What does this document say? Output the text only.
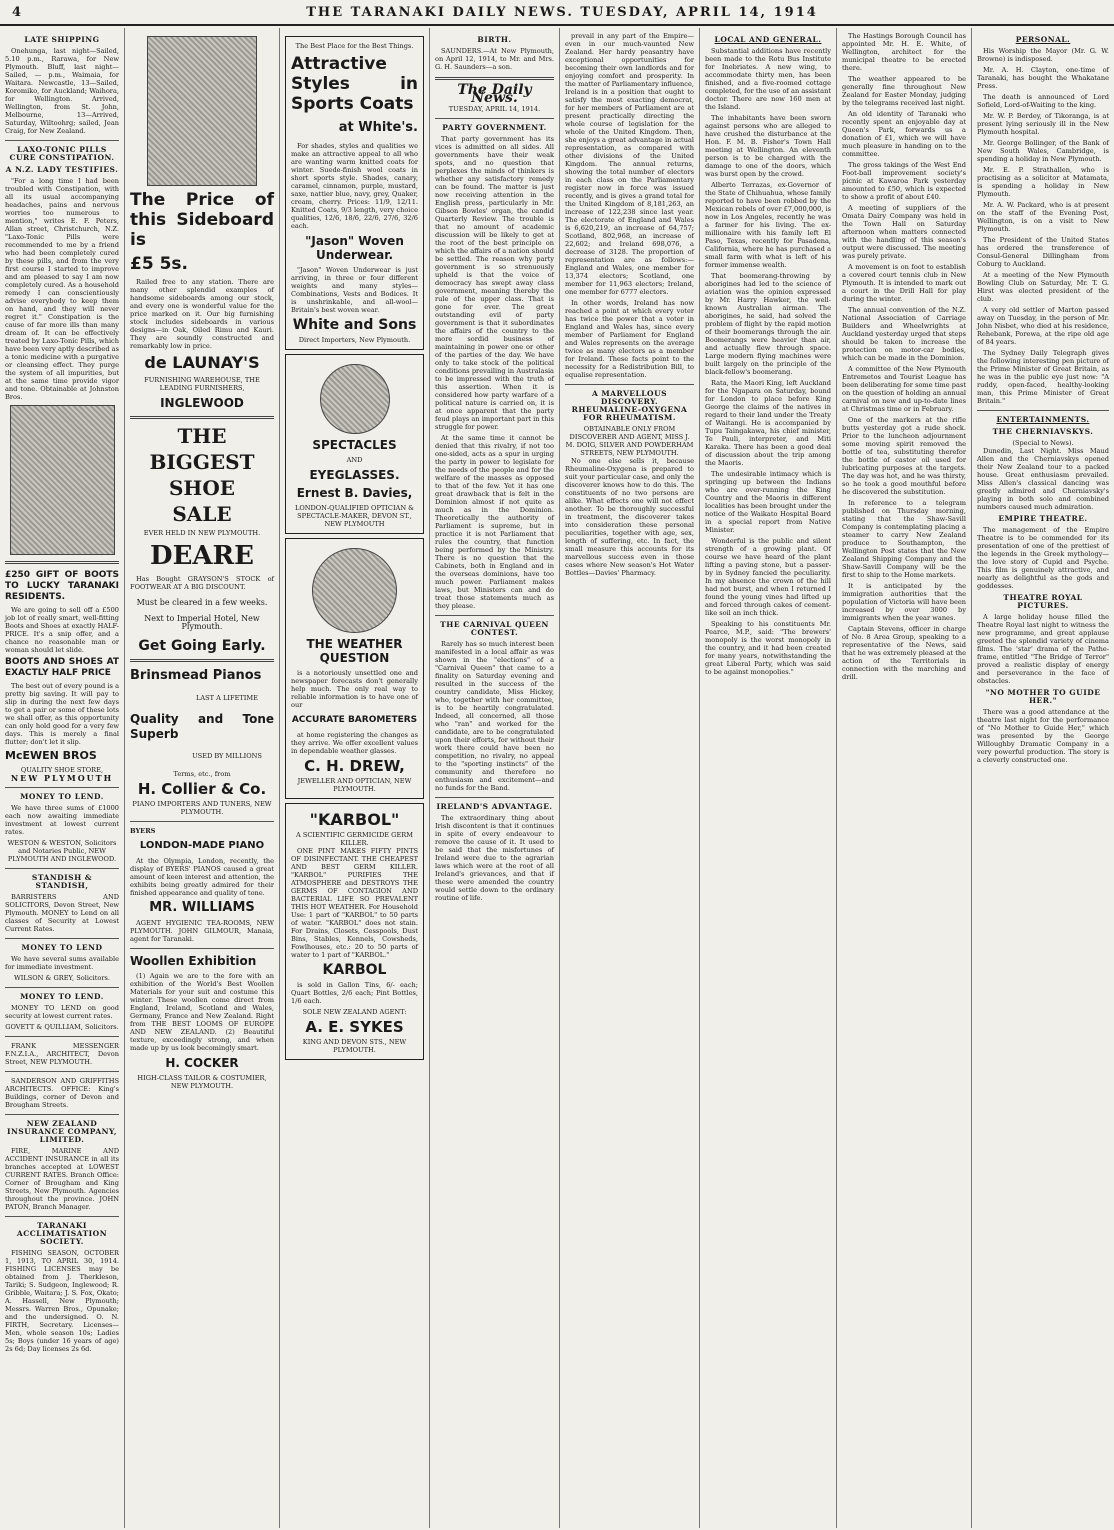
4	THE TARANAKI DAILY NEWS. TUESDAY, APRIL 14, 1914
LATE SHIPPING

Onehunga, last night—Sailed, 5.10 p.m., Rarawa, for New Plymouth. Bluff, last night—Sailed, — p.m., Waimaia, for Waitara. Newcastle, 13—Sailed, Koromiko, for Auckland; Waihora, for Wellington. Arrived, Wellington, from St. John, Melbourne, 13—Arrived, Saturday, Wiltoohrg; sailed, Jean Craig, for New Zealand.

LAXO-TONIC PILLS CURE CONSTIPATION.
A N.Z. LADY TESTIFIES.

"For a long time I had been troubled with Constipation, with all its usual accompanying headaches, pains and nervous worries too numerous to mention," writes E. F. Peters, Allan street, Christchurch, N.Z. "Laxo-Tonic Pills were recommended to me by a friend who had been completely cured by these pills, and from the very first course I started to improve and am pleased to say I am now completely cured. As a household remedy I can conscientiously advise everybody to keep them on hand, and they will never regret it." Constipation is the cause of far more ills than many dream of. It can be effectively treated by Laxo-Tonic Pills, which have been very aptly described as a tonic medicine with a purgative or cleansing effect. They purge the system of all impurities, but at the same time provide vigor and tone. Obtainable at Johnston Bros.

£250 GIFT OF BOOTS TO LUCKY TARANAKI RESIDENTS.

We are going to sell off a £500 job lot of really smart, well-fitting Boots and Shoes at exactly HALF-PRICE. It's a snip offer, and a chance no reasonable man or woman should let slide.

BOOTS AND SHOES AT EXACTLY HALF PRICE

The best out of every pound is a pretty big saving. It will pay to slip in during the next few days to get a pair or some of these lots we shall offer, as this opportunity can only hold good for a very few days. This is merely a final flutter; don't let it slip.

McEWEN BROS
QUALITY SHOE STORE,
NEW PLYMOUTH
MONEY TO LEND.

We have three sums of £1000 each now awaiting immediate investment at lowest current rates.

WESTON & WESTON, Solicitors and Notaries Public, NEW PLYMOUTH AND INGLEWOOD.
STANDISH & STANDISH,

BARRISTERS AND SOLICITORS, Devon Street, New Plymouth. MONEY to Lend on all classes of Security at Lowest Current Rates.

MONEY TO LEND

We have several sums available for immediate investment.

WILSON & GREY, Solicitors.
MONEY TO LEND.

MONEY TO LEND on good security at lowest current rates.

GOVETT & QUILLIAM, Solicitors.

FRANK MESSENGER F.N.Z.I.A., ARCHITECT, Devon Street, NEW PLYMOUTH.

SANDERSON AND GRIFFITHS ARCHITECTS. OFFICE: King's Buildings, corner of Devon and Brougham Streets.

NEW ZEALAND INSURANCE COMPANY, LIMITED.

FIRE, MARINE AND ACCIDENT INSURANCE in all its branches accepted at LOWEST CURRENT RATES. Branch Office: Corner of Brougham and King Streets, New Plymouth. Agencies throughout the province. JOHN PATON, Branch Manager.

TARANAKI ACCLIMATISATION SOCIETY.

FISHING SEASON, OCTOBER 1, 1913, TO APRIL 30, 1914. FISHING LICENSES may be obtained from J. Therkleson, Tariki; S. Sudgeon, Inglewood; R. Gribble, Waitara; J. S. Fox, Okato; A. Hassell, New Plymouth; Messrs. Warren Bros., Opunake; and the undersigned. O. N. FIRTH, Secretary. Licenses—Men, whole season 10s; Ladies 5s; Boys (under 16 years of age) 2s 6d; Day licenses 2s 6d.

The Price of this Sideboard is
£5 5s.

Railed free to any station. There are many other splendid examples of handsome sideboards among our stock, and every one is wonderful value for the price marked on it. Our big furnishing stock includes sideboards in various designs—in Oak, Oiled Rimu and Kauri. They are soundly constructed and remarkably low in price.

de LAUNAY'S
FURNISHING WAREHOUSE, THE LEADING FURNISHERS,
INGLEWOOD
THE
BIGGEST
SHOE
SALE
EVER HELD IN NEW PLYMOUTH.
DEARE

Has Bought GRAYSON'S STOCK of FOOTWEAR AT A BIG DISCOUNT.

Must be cleared in a few weeks.
Next to Imperial Hotel, New Plymouth.
Get Going Early.
Brinsmead Pianos
LAST A LIFETIME
Quality and Tone Superb
USED BY MILLIONS
Terms, etc., from
H. Collier & Co.
PIANO IMPORTERS AND TUNERS, NEW PLYMOUTH.
BYERS
LONDON-MADE PIANO

At the Olympia, London, recently, the display of BYERS' PIANOS caused a great amount of keen interest and attention, the exhibits being greatly admired for their finished appearance and quality of tone.

MR. WILLIAMS

AGENT HYGIENIC TEA-ROOMS, NEW PLYMOUTH. JOHN GILMOUR, Manaia, agent for Taranaki.

Woollen Exhibition

(1) Again we are to the fore with an exhibition of the World's Best Woollen Materials for your suit and costume this winter. These woollen come direct from England, Ireland, Scotland and Wales, Germany, France and New Zealand. Right from THE BEST LOOMS OF EUROPE AND NEW ZEALAND. (2) Beautiful texture, exceedingly strong, and when made up by us look becomingly smart.

H. COCKER
HIGH-CLASS TAILOR & COSTUMIER, NEW PLYMOUTH.
The Best Place for the Best Things.
Attractive Styles in Sports Coats
at White's.

For shades, styles and qualities we make an attractive appeal to all who are wanting warm knitted coats for winter. Suede-finish wool coats in short sports style. Shades, canary, caramel, cinnamon, purple, mustard, saxe, nattier blue, navy, grey, Quaker, cream, cherry. Prices: 11/9, 12/11. Knitted Coats, 9/3 length, very choice qualities, 12/6, 18/6, 22/6, 27/6, 32/6 each.

"Jason" Woven Underwear.

"Jason" Woven Underwear is just arriving, in three or four different weights and many styles—Combinations, Vests and Bodices. It is unshrinkable, and all-wool—Britain's best woven wear.

White and Sons
Direct Importers, New Plymouth.
SPECTACLES
AND
EYEGLASSES.
Ernest B. Davies,
LONDON-QUALIFIED OPTICIAN & SPECTACLE-MAKER, DEVON ST., NEW PLYMOUTH
THE WEATHER QUESTION

is a notoriously unsettled one and newspaper forecasts don't generally help much. The only real way to reliable information is to have one of our

ACCURATE BAROMETERS

at home registering the changes as they arrive. We offer excellent values in dependable weather glasses.

C. H. DREW,
JEWELLER AND OPTICIAN, NEW PLYMOUTH.
"KARBOL"
A SCIENTIFIC GERMICIDE GERM KILLER.

ONE PINT MAKES FIFTY PINTS OF DISINFECTANT. THE CHEAPEST AND BEST GERM KILLER. "KARBOL" PURIFIES THE ATMOSPHERE and DESTROYS THE GERMS OF CONTAGION AND BACTERIAL LIFE SO PREVALENT THIS HOT WEATHER. For Household Use: 1 part of "KARBOL" to 50 parts of water. "KARBOL" does not stain. For Drains, Closets, Cesspools, Dust Bins, Stables, Kennels, Cowsheds, Fowlhouses, etc.: 20 to 50 parts of water to 1 part of "KARBOL."

KARBOL

is sold in Gallon Tins, 6/- each; Quart Bottles, 2/6 each; Pint Bottles, 1/6 each.

SOLE NEW ZEALAND AGENT:
A. E. SYKES
KING AND DEVON STS., NEW PLYMOUTH.
BIRTH.

SAUNDERS.—At New Plymouth, on April 12, 1914, to Mr. and Mrs. G. H. Saunders—a son.

The Daily News.
TUESDAY, APRIL 14, 1914.
PARTY GOVERNMENT.

That party government has its vices is admitted on all sides. All governments have their weak spots, and no question that perplexes the minds of thinkers is whether any satisfactory remedy can be found. The matter is just now receiving attention in the English press, particularly in Mr. Gibson Bowles' organ, the candid Quarterly Review. The trouble is that no amount of academic discussion will be likely to get at the root of the best principle on which the affairs of a nation should be settled. The reason why party government is so strenuously upheld is that the voice of democracy has swept away class government, meaning thereby the rule of the upper class. That is gone for ever. The great outstanding evil of party government is that it subordinates the affairs of the country to the more sordid business of maintaining in power one or other of the parties of the day. We have only to take stock of the political conditions prevailing in Australasia to be impressed with the truth of this assertion. When it is considered how party warfare of a political nature is carried on, it is at once apparent that the party feud plays an important part in this struggle for power.

At the same time it cannot be denied that this rivalry, if not too one-sided, acts as a spur in urging the party in power to legislate for the needs of the people and for the welfare of the masses as opposed to that of the few. Yet it has one great drawback that is felt in the Dominion almost if not quite as much as in the Dominion. Theoretically the authority of Parliament is supreme, but in practice it is not Parliament that rules the country, that function being performed by the Ministry. There is no question that the Cabinets, both in England and in the overseas dominions, have too much power. Parliament makes laws, but Ministers can and do treat those statements much as they please.

THE CARNIVAL QUEEN CONTEST.

Rarely has so much interest been manifested in a local affair as was shown in the "elections" of a "Carnival Queen" that came to a finality on Saturday evening and resulted in the success of the country candidate, Miss Hickey, who, together with her committee, is to be heartily congratulated. Indeed, all concerned, all those who "ran" and worked for the candidate, are to be congratulated upon their efforts, for without their work there could have been no competition, no rivalry, no appeal to the "sporting instincts" of the community and therefore no enthusiasm and excitement—and no funds for the Band.

IRELAND'S ADVANTAGE.

The extraordinary thing about Irish discontent is that it continues in spite of every endeavour to remove the cause of it. It used to be said that the misfortunes of Ireland were due to the agrarian laws which were at the root of all Ireland's grievances, and that if these were amended the country would settle down to the ordinary routine of life.

prevail in any part of the Empire—even in our much-vaunted New Zealand. Her hardy peasantry have exceptional opportunities for becoming their own landlords and for enjoying comfort and prosperity. In the matter of Parliamentary influence, Ireland is in a position that ought to satisfy the most exacting democrat, for her members of Parliament are at present practically directing the whole course of legislation for the whole of the United Kingdom. Then, she enjoys a great advantage in actual representation, as compared with other divisions of the United Kingdom. The annual returns, showing the total number of electors in each class on the Parliamentary register now in force was issued recently, and is gives a grand total for the United Kingdom of 8,181,263, an increase of 122,238 since last year. The electorate of England and Wales is 6,620,219, an increase of 64,757; Scotland, 802,968, an increase of 22,602; and Ireland 698,076, a decrease of 3128. The proportion of representation are as follows:—England and Wales, one member for 13,374 electors; Scotland, one member for 11,963 electors; Ireland, one member for 6777 electors.

In other words, Ireland has now reached a point at which every voter has twice the power that a voter in England and Wales has, since every member of Parliament for England and Wales represents on the average twice as many electors as a member for Ireland. These facts point to the necessity for a Redistribution Bill, to equalise representation.

A MARVELLOUS DISCOVERY. RHEUMALINE-OXYGENA FOR RHEUMATISM.
OBTAINABLE ONLY FROM DISCOVERER AND AGENT, MISS J. M. DOIG, SILVER AND POWDERHAM STREETS, NEW PLYMOUTH.

No one else sells it, because Rheumaline-Oxygena is prepared to suit your particular case, and only the discoverer knows how to do this. The constituents of no two persons are alike. What effects one will not effect another. To be thoroughly successful in treatment, the discoverer takes into consideration these personal peculiarities, together with age, sex, length of suffering, etc. In fact, the small measure this accounts for its marvellous success even in those cases where New season's Hot Water Bottles—Davies' Pharmacy.

LOCAL AND GENERAL.

Substantial additions have recently been made to the Rotu Bus Institute for Inebriates. A new wing, to accommodate thirty men, has been finished, and a five-roomed cottage completed, for the use of an assistant doctor. There are now 160 men at the Island.

The inhabitants have been sworn against persons who are alleged to have crushed the disturbance at the Hon. F. M. B. Fisher's Town Hall meeting at Wellington. An eleventh person is to be charged with the damage to one of the doors, which was burst open by the crowd.

Alberto Terrazas, ex-Governor of the State of Chihuahua, whose family reported to have been robbed by the Mexican rebels of over £7,000,000, is now in Los Angeles, recently he was a farmer for his living. The ex-millionaire with his family left El Paso, Texas, recently for Pasadena, California, where he has purchased a small farm with what is left of his former immense wealth.

That boomerang-throwing by aborigines had led to the science of aviation was the opinion expressed by Mr. Harry Hawker, the well-known Australian airman. The aborigines, he said, had solved the problem of flight by the rapid motion of their boomerangs through the air. Boomerangs were heavier than air, and actually flew through space. Large modern flying machines were built largely on the principle of the black-fellow's boomerang.

Rata, the Maori King, left Auckland for the Ngapara on Saturday, bound for London to place before King George the claims of the natives in regard to their land under the Treaty of Waitangi. He is accompanied by Tupu Taingakawa, his chief minister, Te Pauli, interpreter, and Miti Karaka. There has been a good deal of discussion about the trip among the Maoris.

The undesirable intimacy which is springing up between the Indians who are over-running the King Country and the Maoris in different localities has been brought under the notice of the Waikato Hospital Board in a special report from Native Minister.

Wonderful is the public and silent strength of a growing plant. Of course we have heard of the plant lifting a paving stone, but a passer-by in Sydney fancied the peculiarity. In my absence the crown of the hill had not burst, and when I returned I found the young vines had lifted up and forced through cakes of cement-like soil an inch thick.

Speaking to his constituents Mr. Pearce, M.P., said: "The brewers' monopoly is the worst monopoly in the country, and it had been created for many years, notwithstanding the great Liberal Party, which was said to be against monopolies."

The Hastings Borough Council has appointed Mr. H. E. White, of Wellington, architect for the municipal theatre to be erected there.

The weather appeared to be generally fine throughout New Zealand for Easter Monday, judging by the telegrams received last night.

An old identity of Taranaki who recently spent an enjoyable day at Queen's Park, forwards us a donation of £1, which we will have much pleasure in handing on to the committee.

The gross takings of the West End Foot-ball improvement society's picnic at Kawaroa Park yesterday amounted to £50, which is expected to show a profit of about £40.

A meeting of suppliers of the Omata Dairy Company was held in the Town Hall on Saturday afternoon when matters connected with the handling of this season's output were discussed. The meeting was purely private.

A movement is on foot to establish a covered court tennis club in New Plymouth. It is intended to mark out a court in the Drill Hall for play during the winter.

The annual convention of the N.Z. National Association of Carriage Builders and Wheelwrights at Auckland yesterday urged that steps should be taken to increase the protection on motor-car bodies, which can be made in the Dominion.

A committee of the New Plymouth Entremetos and Tourist League has been deliberating for some time past on the question of holding an annual carnival on new and up-to-date lines at Christmas time or in February.

One of the markers at the rifle butts yesterday got a rude shock. Prior to the luncheon adjournment some moving spirit removed the bottle of tea, substituting therefor the bottle of castor oil used for lubricating purposes at the targets. The day was hot, and he was thirsty, so he took a good mouthful before he discovered the substitution.

In reference to a telegram published on Thursday morning, stating that the Shaw-Savill Company is contemplating placing a steamer to carry New Zealand produce to Southampton, the Wellington Post states that the New Zealand Shipping Company and the Shaw-Savill Company will be the first to ship to the Home markets.

It is anticipated by the immigration authorities that the population of Victoria will have been increased by over 3000 by immigrants when the year wanes.

Captain Stevens, officer in charge of No. 8 Area Group, speaking to a representative of the News, said that he was extremely pleased at the action of the Territorials in connection with the marching and drill.

PERSONAL.

His Worship the Mayor (Mr. G. W. Browne) is indisposed.

Mr. A. H. Clayton, one-time of Taranaki, has bought the Whakatane Press.

The death is announced of Lord Sofield, Lord-of-Waiting to the king.

Mr. W. P. Berdey, of Tikoranga, is at present lying seriously ill in the New Plymouth hospital.

Mr. George Bollinger, of the Bank of New South Wales, Cambridge, is spending a holiday in New Plymouth.

Mr. E. P. Strathallen, who is practising as a solicitor at Matamata, is spending a holiday in New Plymouth.

Mr. A. W. Packard, who is at present on the staff of the Evening Post, Wellington, is on a visit to New Plymouth.

The President of the United States has ordered the transference of Consul-General Dillingham from Coburg to Auckland.

At a meeting of the New Plymouth Bowling Club on Saturday, Mr. T. G. Hirst was elected president of the club.

A very old settler of Marton passed away on Tuesday, in the person of Mr. John Nisbet, who died at his residence, Rehebank, Porewa, at the ripe old age of 84 years.

The Sydney Daily Telegraph gives the following interesting pen picture of the Prime Minister of Great Britain, as he was in the public eye just now: "A ruddy, open-faced, healthy-looking man, this Prime Minister of Great Britain."

ENTERTAINMENTS.
THE CHERNIAVSKYS.
(Special to News).

Dunedin, Last Night. Miss Maud Allen and the Cherniavskys opened their New Zealand tour to a packed house. Great enthusiasm prevailed. Miss Allen's classical dancing was greatly admired and Cherniavsky's playing in both solo and combined numbers caused much admiration.

EMPIRE THEATRE.

The management of the Empire Theatre is to be commended for its presentation of one of the prettiest of the legends in the Greek mythology—the love story of Cupid and Psyche. This film is genuinely attractive, and nearly as delightful as the gods and goddesses.

THEATRE ROYAL PICTURES.

A large holiday house filled the Theatre Royal last night to witness the new programme, and great applause greeted the splendid variety of cinema films. The 'star' drama of the Pathe-frame, entitled "The Bridge of Terror" proved a realistic display of energy and perseverance in the face of obstacles.

"NO MOTHER TO GUIDE HER."

There was a good attendance at the theatre last night for the performance of "No Mother to Guide Her," which was presented by the George Willoughby Dramatic Company in a very powerful production. The story is a cleverly constructed one.
